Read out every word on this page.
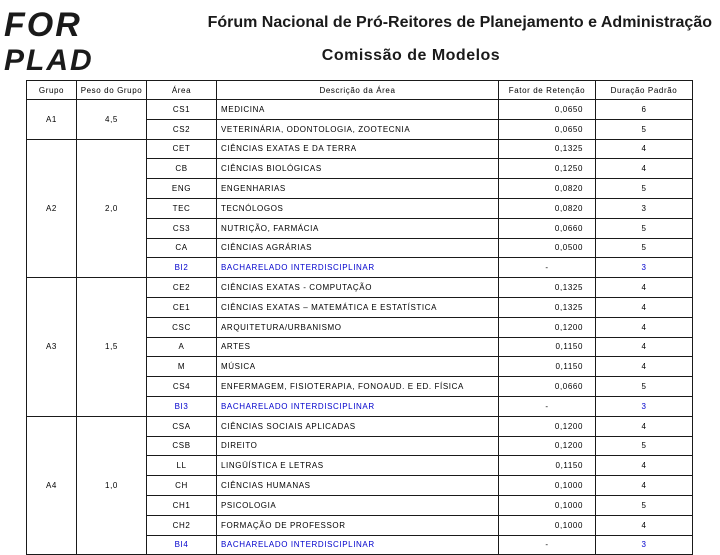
FOR
PLAD
Fórum Nacional de Pró-Reitores de Planejamento e Administração
Comissão de Modelos
Grupo	Peso do Grupo	Área	Descrição da Área	Fator de Retenção	Duração Padrão
A1	4,5	CS1	MEDICINA	0,0650	6
		CS2	VETERINÁRIA, ODONTOLOGIA, ZOOTECNIA	0,0650	5
A2	2,0	CET	CIÊNCIAS EXATAS E DA TERRA	0,1325	4
		CB	CIÊNCIAS BIOLÓGICAS	0,1250	4
		ENG	ENGENHARIAS	0,0820	5
		TEC	TECNÓLOGOS	0,0820	3
		CS3	NUTRIÇÃO, FARMÁCIA	0,0660	5
		CA	CIÊNCIAS AGRÁRIAS	0,0500	5
		BI2	BACHARELADO INTERDISCIPLINAR	-	3
A3	1,5	CE2	CIÊNCIAS EXATAS - COMPUTAÇÃO	0,1325	4
		CE1	CIÊNCIAS EXATAS – MATEMÁTICA E ESTATÍSTICA	0,1325	4
		CSC	ARQUITETURA/URBANISMO	0,1200	4
		A	ARTES	0,1150	4
		M	MÚSICA	0,1150	4
		CS4	ENFERMAGEM, FISIOTERAPIA, FONOAUD. E ED. FÍSICA	0,0660	5
		BI3	BACHARELADO INTERDISCIPLINAR	-	3
A4	1,0	CSA	CIÊNCIAS SOCIAIS APLICADAS	0,1200	4
		CSB	DIREITO	0,1200	5
		LL	LINGÜÍSTICA E LETRAS	0,1150	4
		CH	CIÊNCIAS HUMANAS	0,1000	4
		CH1	PSICOLOGIA	0,1000	5
		CH2	FORMAÇÃO DE PROFESSOR	0,1000	4
		BI4	BACHARELADO INTERDISCIPLINAR	-	3
